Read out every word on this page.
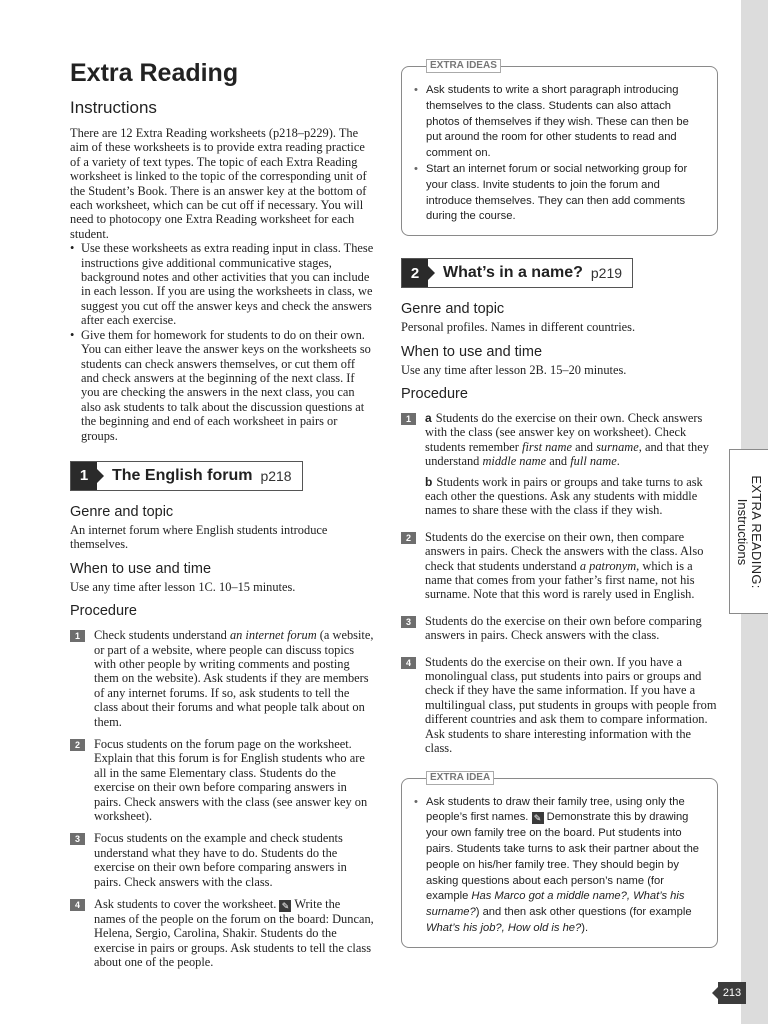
EXTRA READING:
Instructions
213
Extra Reading
Instructions

There are 12 Extra Reading worksheets (p218–p229). The aim of these worksheets is to provide extra reading practice of a variety of text types. The topic of each Extra Reading worksheet is linked to the topic of the corresponding unit of the Student’s Book. There is an answer key at the bottom of each worksheet, which can be cut off if necessary. You will need to photocopy one Extra Reading worksheet for each student.

• Use these worksheets as extra reading input in class. These instructions give additional communicative stages, background notes and other activities that you can include in each lesson. If you are using the worksheets in class, we suggest you cut off the answer keys and check the answers after each exercise.
• Give them for homework for students to do on their own. You can either leave the answer keys on the worksheets so students can check answers themselves, or cut them off and check answers at the beginning of the next class. If you are checking the answers in the next class, you can also ask students to talk about the discussion questions at the beginning and end of each worksheet in pairs or groups.
1	The English forum p218
Genre and topic

An internet forum where English students introduce themselves.

When to use and time

Use any time after lesson 1C. 10–15 minutes.

Procedure
1	Check students understand an internet forum (a website, or part of a website, where people can discuss topics with other people by writing comments and posting them on the website). Ask students if they are members of any internet forums. If so, ask students to tell the class about their forums and what people talk about on them.

2	Focus students on the forum page on the worksheet. Explain that this forum is for English students who are all in the same Elementary class. Students do the exercise on their own before comparing answers in pairs. Check answers with the class (see answer key on worksheet).

3	Focus students on the example and check students understand what they have to do. Students do the exercise on their own before comparing answers in pairs. Check answers with the class.

4	Ask students to cover the worksheet. ✎ Write the names of the people on the forum on the board: Duncan, Helena, Sergio, Carolina, Shakir. Students do the exercise in pairs or groups. Ask students to tell the class about one of the people.

EXTRA IDEAS
• Ask students to write a short paragraph introducing themselves to the class. Students can also attach photos of themselves if they wish. These can then be put around the room for other students to read and comment on.
• Start an internet forum or social networking group for your class. Invite students to join the forum and introduce themselves. They can then add comments during the course.
2	What’s in a name? p219
Genre and topic

Personal profiles. Names in different countries.

When to use and time

Use any time after lesson 2B. 15–20 minutes.

Procedure
1	a Students do the exercise on their own. Check answers with the class (see answer key on worksheet). Check students remember first name and surname, and that they understand middle name and full name.

b Students work in pairs or groups and take turns to ask each other the questions. Ask any students with middle names to share these with the class if they wish.

2	Students do the exercise on their own, then compare answers in pairs. Check the answers with the class. Also check that students understand a patronym, which is a name that comes from your father’s first name, not his surname. Note that this word is rarely used in English.

3	Students do the exercise on their own before comparing answers in pairs. Check answers with the class.

4	Students do the exercise on their own. If you have a monolingual class, put students into pairs or groups and check if they have the same information. If you have a multilingual class, put students in groups with people from different countries and ask them to compare information. Ask students to share interesting information with the class.

EXTRA IDEA
• Ask students to draw their family tree, using only the people’s first names. ✎ Demonstrate this by drawing your own family tree on the board. Put students into pairs. Students take turns to ask their partner about the people on his/her family tree. They should begin by asking questions about each person’s name (for example Has Marco got a middle name?, What’s his surname?) and then ask other questions (for example What’s his job?, How old is he?).
